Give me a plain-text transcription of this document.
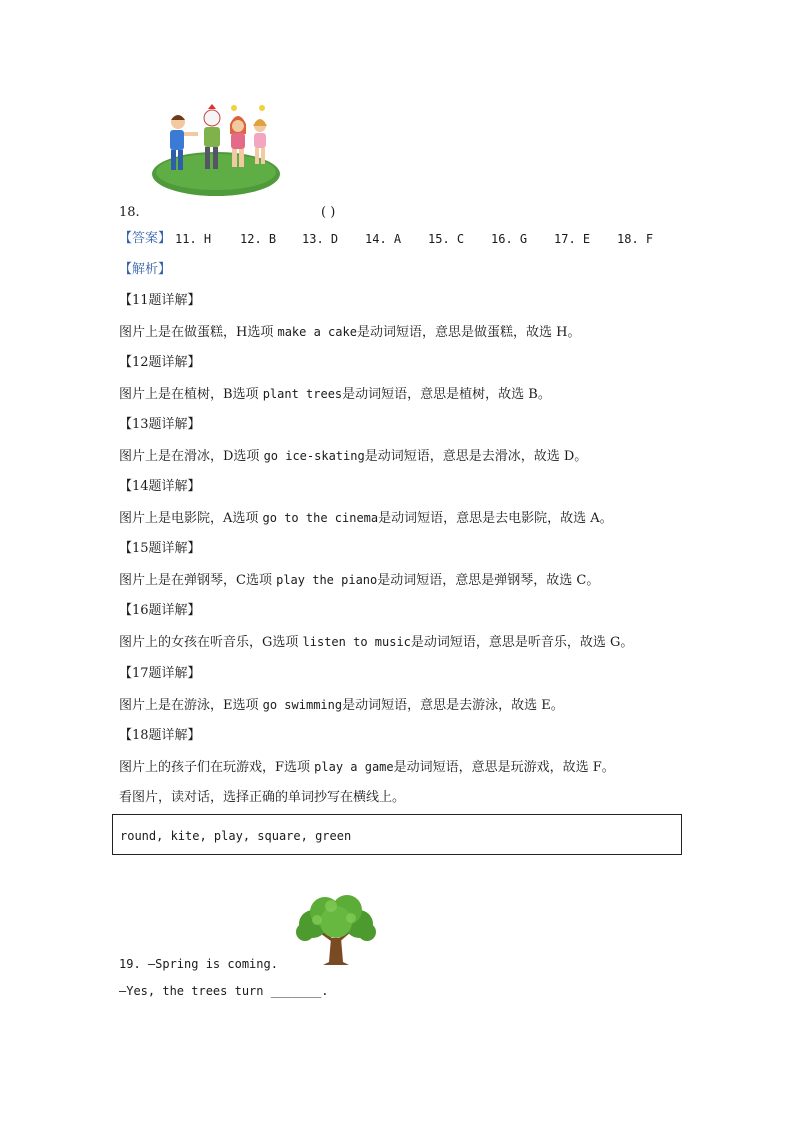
18.	( )
【答案】 11. H 12. B 13. D 14. A 15. C 16. G 17. E 18. F
【解析】
【11题详解】
图片上是在做蛋糕，H选项 make a cake是动词短语，意思是做蛋糕，故选 H。
【12题详解】
图片上是在植树，B选项 plant trees是动词短语，意思是植树，故选 B。
【13题详解】
图片上是在滑冰，D选项 go ice-skating是动词短语，意思是去滑冰，故选 D。
【14题详解】
图片上是电影院，A选项 go to the cinema是动词短语，意思是去电影院，故选 A。
【15题详解】
图片上是在弹钢琴，C选项 play the piano是动词短语，意思是弹钢琴，故选 C。
【16题详解】
图片上的女孩在听音乐，G选项 listen to music是动词短语，意思是听音乐，故选 G。
【17题详解】
图片上是在游泳，E选项 go swimming是动词短语，意思是去游泳，故选 E。
【18题详解】
图片上的孩子们在玩游戏，F选项 play a game是动词短语，意思是玩游戏，故选 F。
看图片，读对话，选择正确的单词抄写在横线上。
round, kite, play, square, green
19. —Spring is coming.
—Yes, the trees turn _______.
